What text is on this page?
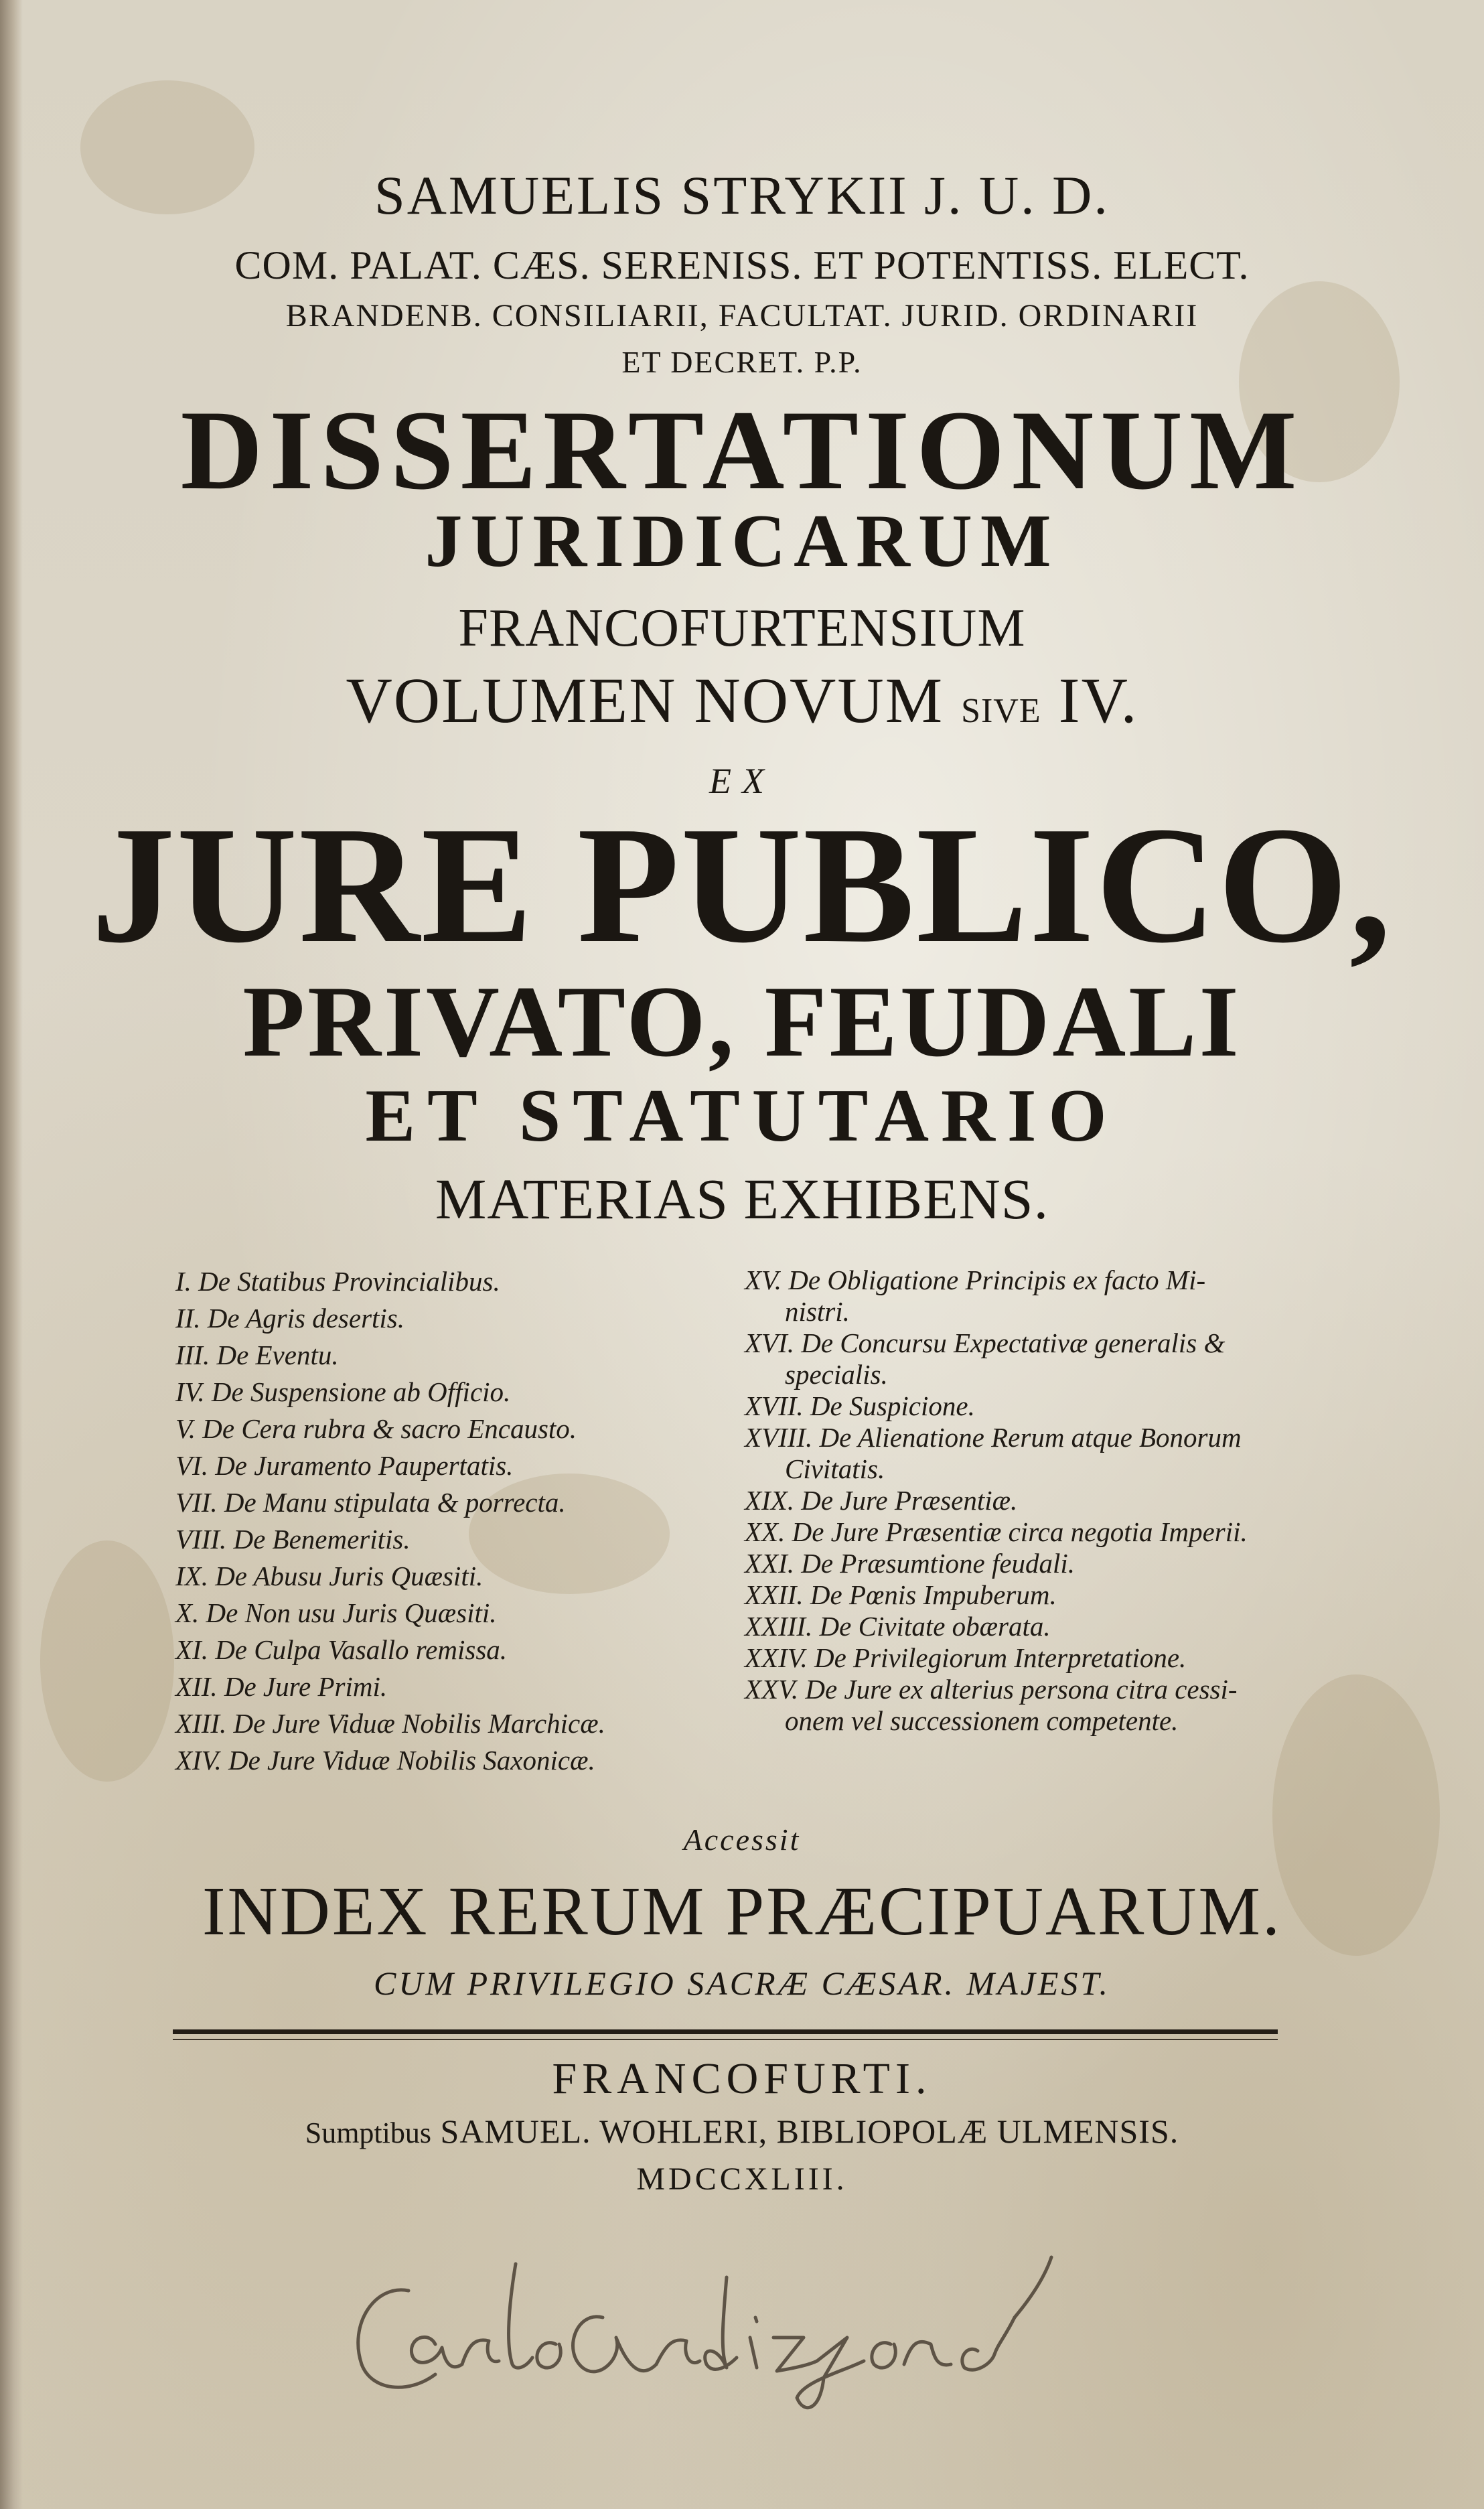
SAMUELIS STRYKII J. U. D.

COM. PALAT. CÆS. SERENISS. ET POTENTISS. ELECT.

BRANDENB. CONSILIARII, FACULTAT. JURID. ORDINARII

ET DECRET. P.P.

DISSERTATIONUM

JURIDICARUM

FRANCOFURTENSIUM

VOLUMEN NOVUM SIVE IV.

EX

JURE PUBLICO,

PRIVATO, FEUDALI

ET STATUTARIO

MATERIAS EXHIBENS.

I. De Statibus Provincialibus.
II. De Agris desertis.
III. De Eventu.
IV. De Suspensione ab Officio.
V. De Cera rubra & sacro Encausto.
VI. De Juramento Paupertatis.
VII. De Manu stipulata & porrecta.
VIII. De Benemeritis.
IX. De Abusu Juris Quæsiti.
X. De Non usu Juris Quæsiti.
XI. De Culpa Vasallo remissa.
XII. De Jure Primi.
XIII. De Jure Viduæ Nobilis Marchicæ.
XIV. De Jure Viduæ Nobilis Saxonicæ.
XV. De Obligatione Principis ex facto Mi-
nistri.
XVI. De Concursu Expectativæ generalis &
specialis.
XVII. De Suspicione.
XVIII. De Alienatione Rerum atque Bonorum
Civitatis.
XIX. De Jure Præsentiæ.
XX. De Jure Præsentiæ circa negotia Imperii.
XXI. De Præsumtione feudali.
XXII. De Pœnis Impuberum.
XXIII. De Civitate obærata.
XXIV. De Privilegiorum Interpretatione.
XXV. De Jure ex alterius persona citra cessi-
onem vel successionem competente.

Accessit

INDEX RERUM PRÆCIPUARUM.

CUM PRIVILEGIO SACRÆ CÆSAR. MAJEST.

FRANCOFURTI.

Sumptibus SAMUEL. WOHLERI, BIBLIOPOLÆ ULMENSIS.

MDCCXLIII.
